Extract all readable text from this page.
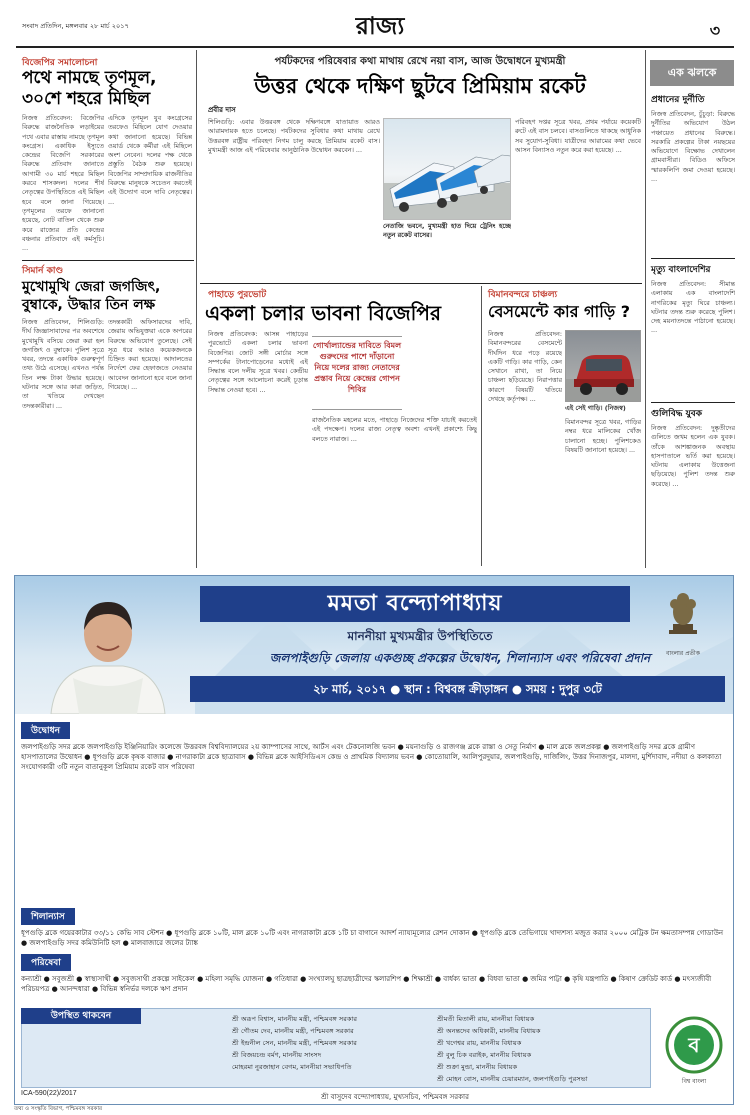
সংবাদ প্রতিদিন, মঙ্গলবার ২৮ মার্চ ২০১৭	রাজ্য	৩
বিজেপির সমালোচনা
পথে নামছে তৃণমূল,
৩০শে শহরে মিছিল
নিজস্ব প্রতিবেদন: বিজেপির বিরুদ্ধে রাজনৈতিক লড়াইয়ের পথে এবার রাস্তায় নামছে তৃণমূল কংগ্রেস। একাধিক ইস্যুতে কেন্দ্রের বিজেপি সরকারের বিরুদ্ধে প্রতিবাদ জানাতে আগামী ৩০ মার্চ শহরে মিছিল করবে শাসকদল। দলের শীর্ষ নেতৃত্বের উপস্থিতিতে এই মিছিল হবে বলে জানা গিয়েছে। তৃণমূলের তরফে জানানো হয়েছে, নোট বাতিল থেকে শুরু করে রাজ্যের প্রতি কেন্দ্রের বঞ্চনার প্রতিবাদে এই কর্মসূচি। ...
এদিকে তৃণমূল যুব কংগ্রেসের তরফেও মিছিলে যোগ দেওয়ার কথা জানানো হয়েছে। বিভিন্ন ওয়ার্ড থেকে কর্মীরা এই মিছিলে অংশ নেবেন। দলের পক্ষ থেকে প্রস্তুতি বৈঠক শুরু হয়েছে। বিজেপির সাম্প্রদায়িক রাজনীতির বিরুদ্ধে মানুষকে সচেতন করতেই এই উদ্যোগ বলে দাবি নেতৃত্বের। ...
সিমার্ন কাণ্ড
মুখোমুখি জেরা জগজিৎ,
বুম্বাকে, উদ্ধার তিন লক্ষ
নিজস্ব প্রতিবেদন, শিলিগুড়ি: দীর্ঘ জিজ্ঞাসাবাদের পর অবশেষে মুখোমুখি বসিয়ে জেরা করা হল জগজিৎ ও বুম্বাকে। পুলিশ সূত্রে খবর, তদন্তে একাধিক গুরুত্বপূর্ণ তথ্য উঠে এসেছে। এখনও পর্যন্ত তিন লক্ষ টাকা উদ্ধার হয়েছে। ঘটনার সঙ্গে আর কারা জড়িত, তা খতিয়ে দেখছেন তদন্তকারীরা। ...
তদন্তকারী অফিসারদের দাবি, জেরায় অভিযুক্তরা একে অপরের বিরুদ্ধে অভিযোগ তুলেছে। সেই সূত্র ধরে আরও কয়েকজনকে চিহ্নিত করা হয়েছে। আদালতের নির্দেশে ফের হেফাজতে নেওয়ার আবেদন জানানো হবে বলে জানা গিয়েছে। ...
পর্যটকদের পরিষেবার কথা মাথায় রেখে নয়া বাস, আজ উদ্বোধনে মুখ্যমন্ত্রী
উত্তর থেকে দক্ষিণ ছুটবে প্রিমিয়াম রকেট
প্রবীর দাস
শিলিগুড়ি: এবার উত্তরবঙ্গ থেকে দক্ষিণবঙ্গে যাতায়াত আরও আরামদায়ক হতে চলেছে। পর্যটকদের সুবিধার কথা মাথায় রেখে উত্তরবঙ্গ রাষ্ট্রীয় পরিবহণ নিগম চালু করছে প্রিমিয়াম রকেট বাস। মুখ্যমন্ত্রী আজ এই পরিষেবার আনুষ্ঠানিক উদ্বোধন করবেন। ...
নেতাজি ভবনে, মুখ্যমন্ত্রী হাত দিয়ে ট্রেনিং হচ্ছে নতুন রকেট বাসের।
পরিবহণ দপ্তর সূত্রে খবর, প্রথম পর্যায়ে কয়েকটি রুটে এই বাস চলবে। বাসগুলিতে থাকছে আধুনিক সব সুযোগ-সুবিধা। যাত্রীদের আরামের কথা ভেবে আসন বিন্যাসও নতুন করে করা হয়েছে। ...
পাহাড়ে পুরভোট
একলা চলার ভাবনা বিজেপির
নিজস্ব প্রতিবেদক: আসন্ন পাহাড়ের পুরভোটে একলা চলার ভাবনা বিজেপির। জোট সঙ্গী মোর্চার সঙ্গে সম্পর্কের টানাপোড়েনের মধ্যেই এই সিদ্ধান্ত বলে দলীয় সূত্রে খবর। কেন্দ্রীয় নেতৃত্বের সঙ্গে আলোচনা করেই চূড়ান্ত সিদ্ধান্ত নেওয়া হবে। ...
গোর্খাল্যান্ডের দাবিতে বিমল গুরুংদের পাশে দাঁড়ানো নিয়ে দলের রাজ্য নেতাদের প্রস্তাব নিয়ে কেন্দ্রের গোপন শিবির
রাজনৈতিক মহলের মতে, পাহাড়ে নিজেদের শক্তি যাচাই করতেই এই পদক্ষেপ। দলের রাজ্য নেতৃত্ব অবশ্য এখনই প্রকাশ্যে কিছু বলতে নারাজ। ...
বিমানবন্দরে চাঞ্চল্য
বেসমেন্টে কার গাড়ি ?
নিজস্ব প্রতিবেদন: বিমানবন্দরের বেসমেন্টে দীর্ঘদিন ধরে পড়ে রয়েছে একটি গাড়ি। কার গাড়ি, কেন সেখানে রাখা, তা নিয়ে চাঞ্চল্য ছড়িয়েছে। নিরাপত্তার কারণে বিষয়টি খতিয়ে দেখছে কর্তৃপক্ষ। ...
এই সেই গাড়ি। (নিজস্ব)
বিমানবন্দর সূত্রে খবর, গাড়ির নম্বর ধরে মালিকের খোঁজ চালানো হচ্ছে। পুলিশকেও বিষয়টি জানানো হয়েছে। ...
এক ঝলকে
প্রধানের দুর্নীতি
নিজস্ব প্রতিবেদন, চুঁচুড়া: বিরুদ্ধে দুর্নীতির অভিযোগ উঠল পঞ্চায়েত প্রধানের বিরুদ্ধে। সরকারি প্রকল্পের টাকা নয়ছয়ের অভিযোগে বিক্ষোভ দেখালেন গ্রামবাসীরা। বিডিও অফিসে স্মারকলিপি জমা দেওয়া হয়েছে। ...
মৃত্যু বাংলাদেশির
নিজস্ব প্রতিবেদন: সীমান্ত এলাকায় এক বাংলাদেশি নাগরিকের মৃত্যু ঘিরে চাঞ্চল্য। ঘটনার তদন্ত শুরু করেছে পুলিশ। দেহ ময়নাতদন্তে পাঠানো হয়েছে। ...
গুলিবিদ্ধ যুবক
নিজস্ব প্রতিবেদন: দুষ্কৃতীদের গুলিতে জখম হলেন এক যুবক। তাঁকে আশঙ্কাজনক অবস্থায় হাসপাতালে ভর্তি করা হয়েছে। ঘটনায় এলাকায় উত্তেজনা ছড়িয়েছে। পুলিশ তদন্ত শুরু করেছে। ...
মমতা বন্দ্যোপাধ্যায়
মাননীয়া মুখ্যমন্ত্রীর উপস্থিতিতে
জলপাইগুড়ি জেলায় একগুচ্ছ প্রকল্পের উদ্বোধন, শিলান্যাস এবং পরিষেবা প্রদান
২৮ মার্চ, ২০১৭ ● স্থান : বিশ্ববঙ্গ ক্রীড়াঙ্গন ● সময় : দুপুর ৩টে
বাংলার প্রতীক
উদ্বোধন
জলপাইগুড়ি সদর ব্লকে জলপাইগুড়ি ইঞ্জিনিয়ারিং কলেজে উত্তরবঙ্গ বিশ্ববিদ্যালয়ের ২য় ক্যাম্পাসের সাথে, আর্টস এবং টেকনোলজি ভবন ● ময়নাগুড়ি ও রাজগঞ্জ ব্লকে রাস্তা ও সেতু নির্মাণ ● মাল ব্লকে জলপ্রকল্প ● জলপাইগুড়ি সদর ব্লকে গ্রামীণ হাসপাতালের উদ্বোধন ● ধূপগুড়ি ব্লকে কৃষক বাজার ● নাগরাকাটা ব্লকে ছাত্রাবাস ● বিভিন্ন ব্লকে আইসিডিএস কেন্দ্র ও প্রাথমিক বিদ্যালয় ভবন ● কোতোয়ালি, আলিপুরদুয়ার, জলপাইগুড়ি, দার্জিলিং, উত্তর দিনাজপুর, মালদা, মুর্শিদাবাদ, নদীয়া ও কলকাতা সংযোগকারী ৩টি নতুন বাতানুকূল প্রিমিয়াম রকেট বাস পরিষেবা
শিলান্যাস
ধূপগুড়ি ব্লকে গয়েরকাটার ৩৩/১১ কেভি সাব স্টেশন ● ধূপগুড়ি ব্লকে ১০টি, মাল ব্লকে ১০টি এবং নাগরাকাটা ব্লকে ১টি চা বাগানে আদর্শ ন্যায্যমূল্যের রেশন দোকান ● ধূপগুড়ি ব্লকে তেভিগায়ে খাদ্যশস্য মজুত করার ২০০০ মেট্রিক টন ক্ষমতাসম্পন্ন গোডাউন ● জলপাইগুড়ি সদর কমিউনিটি হল ● মালবাজারে জলের ট্যাঙ্ক
পরিষেবা
কন্যাশ্রী ● সবুজশ্রী ● স্বাস্থ্যসাথী ● সবুজসাথী প্রকল্পে সাইকেল ● মহিলা সমৃদ্ধি যোজনা ● গতিধারা ● সংখ্যালঘু ছাত্রছাত্রীদের স্কলারশিপ ● শিক্ষাশ্রী ● বার্ধক্য ভাতা ● বিধবা ভাতা ● জমির পাট্টা ● কৃষি যন্ত্রপাতি ● কিষাণ ক্রেডিট কার্ড ● মৎস্যজীবী পরিচয়পত্র ● আনন্দধারা ● বিভিন্ন স্বনির্ভর দলকে ঋণ প্রদান
উপস্থিত থাকবেন	শ্রী অরূপ বিশ্বাস, মাননীয় মন্ত্রী, পশ্চিমবঙ্গ সরকার
শ্রী গৌতম দেব, মাননীয় মন্ত্রী, পশ্চিমবঙ্গ সরকার
শ্রী ইন্দ্রনীল সেন, মাননীয় মন্ত্রী, পশ্চিমবঙ্গ সরকার
শ্রী বিজয়চন্দ্র বর্মণ, মাননীয় সাংসদ
মোহরমা নুরজাহান বেগম, মাননীয়া সভাধিপতি
শ্রীমতী মিতালী রায়, মাননীয়া বিধায়ক
শ্রী অনন্তদেব অধিকারী, মাননীয় বিধায়ক
শ্রী খগেশ্বর রায়, মাননীয় বিধায়ক
শ্রী বুলু চিক বরাইক, মাননীয় বিধায়ক
শ্রী শুক্রা মুন্ডা, মাননীয় বিধায়ক
শ্রী মোহন বোস, মাননীয় চেয়ারম্যান, জলপাইগুড়ি পুরসভা
ব
বিশ্ব বাংলা
ICA-590(22)/2017	শ্রী বাসুদেব বন্দ্যোপাধ্যায়, মুখ্যসচিব, পশ্চিমবঙ্গ সরকার
তথ্য ও সংস্কৃতি বিভাগ, পশ্চিমবঙ্গ সরকার
